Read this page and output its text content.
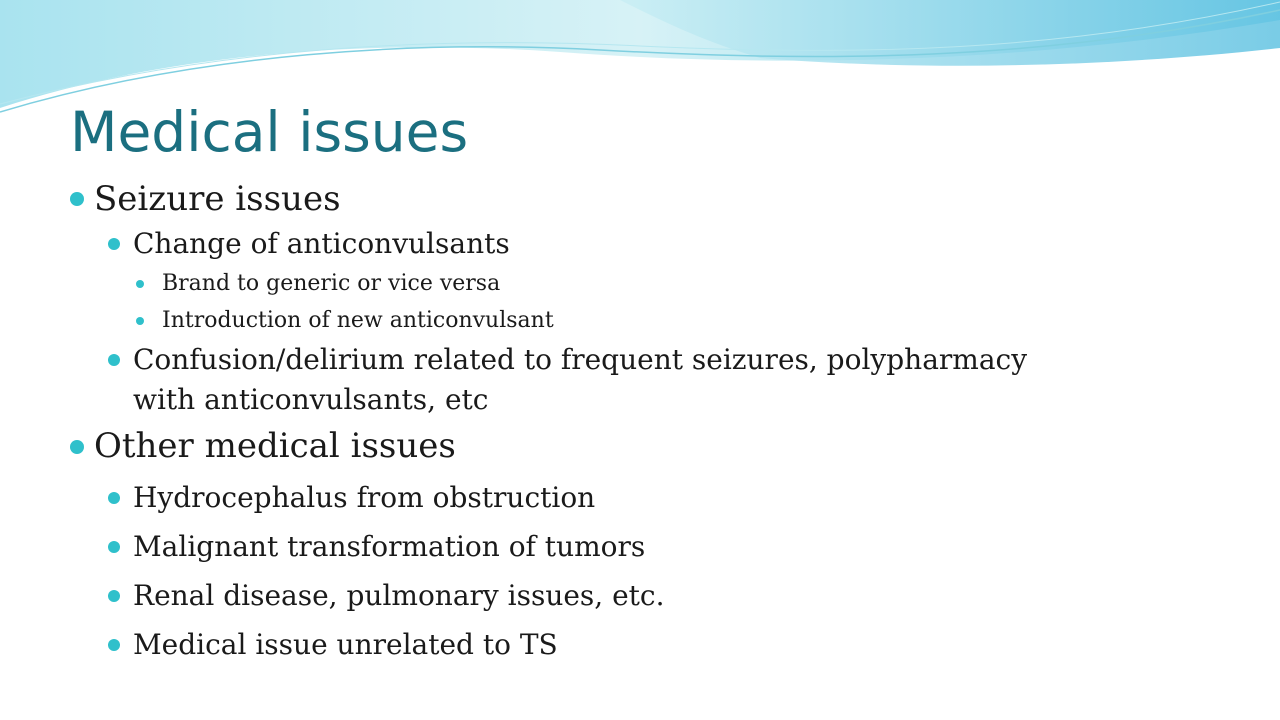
Medical issues
Seizure issues
Change of anticonvulsants
Brand to generic or vice versa
Introduction of new anticonvulsant
Confusion/delirium related to frequent seizures, polypharmacy
with anticonvulsants, etc
Other medical issues
Hydrocephalus from obstruction
Malignant transformation of tumors
Renal disease, pulmonary issues, etc.
Medical issue unrelated to TS
